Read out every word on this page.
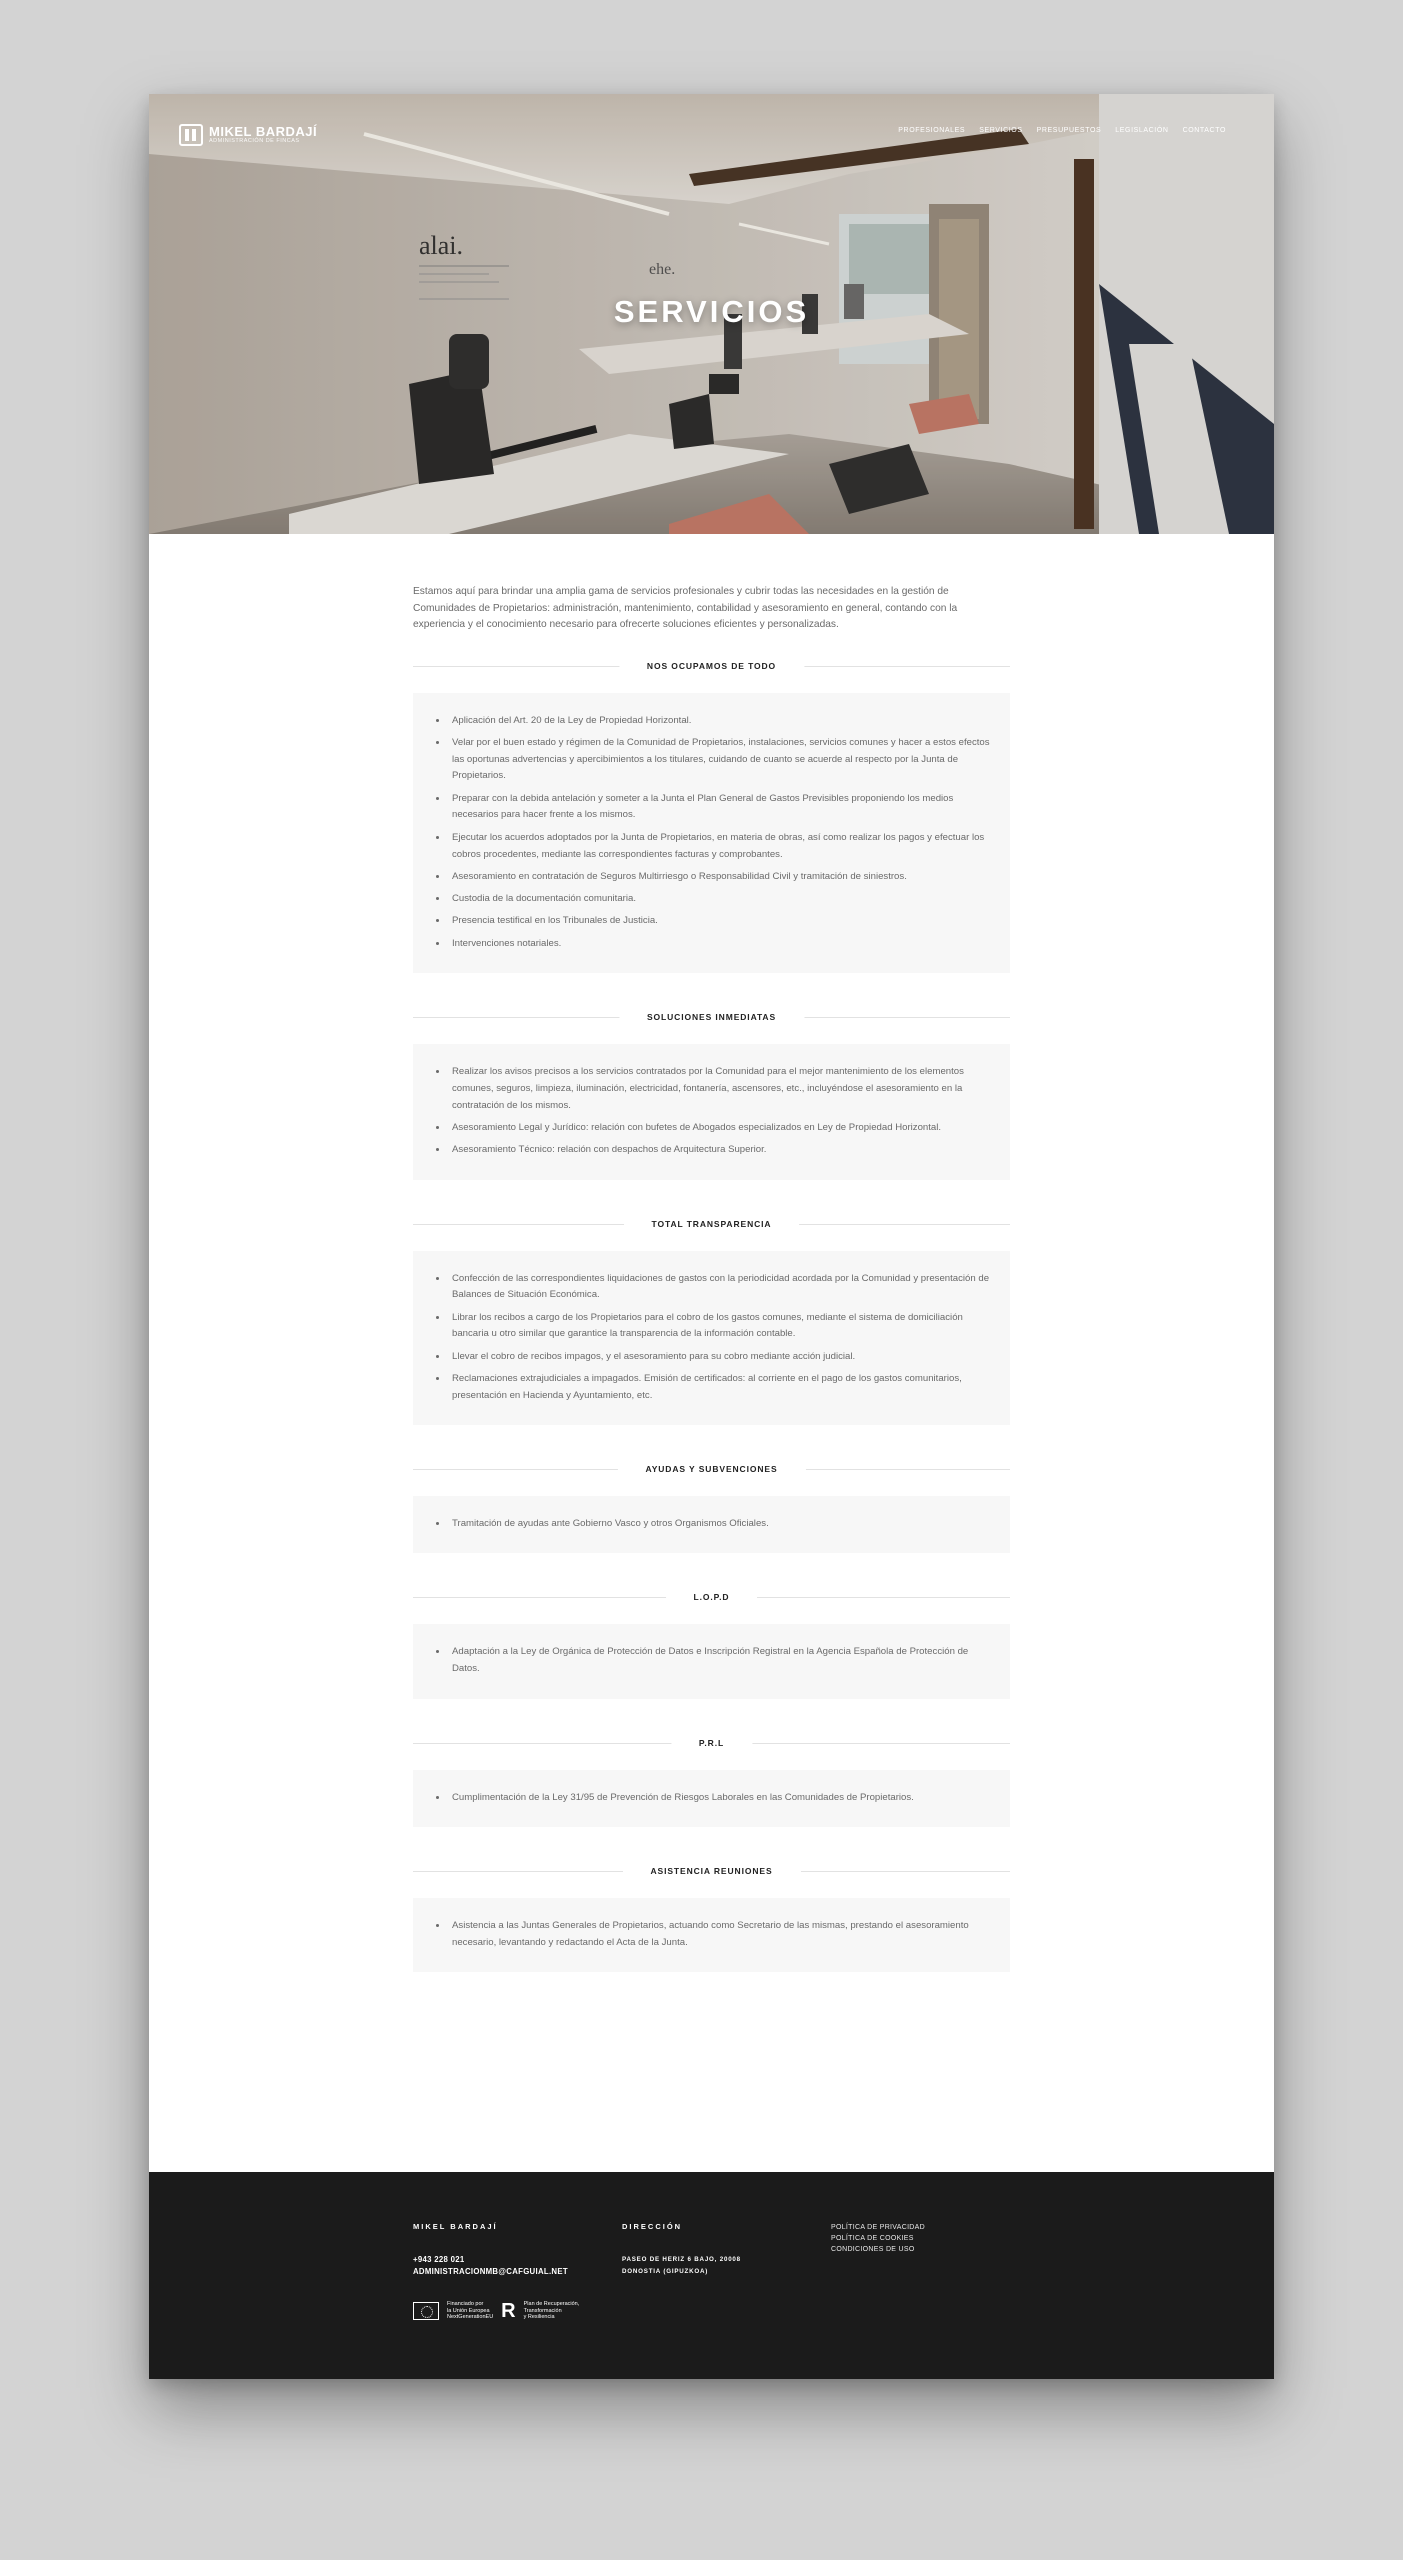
alai.
ehe.
MIKEL BARDAJÍ
ADMINISTRACIÓN DE FINCAS
PROFESIONALES SERVICIOS PRESUPUESTOS LEGISLACIÓN CONTACTO
SERVICIOS

Estamos aquí para brindar una amplia gama de servicios profesionales y cubrir todas las necesidades en la gestión de Comunidades de Propietarios: administración, mantenimiento, contabilidad y asesoramiento en general, contando con la experiencia y el conocimiento necesario para ofrecerte soluciones eficientes y personalizadas.

NOS OCUPAMOS DE TODO
• Aplicación del Art. 20 de la Ley de Propiedad Horizontal.
• Velar por el buen estado y régimen de la Comunidad de Propietarios, instalaciones, servicios comunes y hacer a estos efectos las oportunas advertencias y apercibimientos a los titulares, cuidando de cuanto se acuerde al respecto por la Junta de Propietarios.
• Preparar con la debida antelación y someter a la Junta el Plan General de Gastos Previsibles proponiendo los medios necesarios para hacer frente a los mismos.
• Ejecutar los acuerdos adoptados por la Junta de Propietarios, en materia de obras, así como realizar los pagos y efectuar los cobros procedentes, mediante las correspondientes facturas y comprobantes.
• Asesoramiento en contratación de Seguros Multirriesgo o Responsabilidad Civil y tramitación de siniestros.
• Custodia de la documentación comunitaria.
• Presencia testifical en los Tribunales de Justicia.
• Intervenciones notariales.
SOLUCIONES INMEDIATAS
• Realizar los avisos precisos a los servicios contratados por la Comunidad para el mejor mantenimiento de los elementos comunes, seguros, limpieza, iluminación, electricidad, fontanería, ascensores, etc., incluyéndose el asesoramiento en la contratación de los mismos.
• Asesoramiento Legal y Jurídico: relación con bufetes de Abogados especializados en Ley de Propiedad Horizontal.
• Asesoramiento Técnico: relación con despachos de Arquitectura Superior.
TOTAL TRANSPARENCIA
• Confección de las correspondientes liquidaciones de gastos con la periodicidad acordada por la Comunidad y presentación de Balances de Situación Económica.
• Librar los recibos a cargo de los Propietarios para el cobro de los gastos comunes, mediante el sistema de domiciliación bancaria u otro similar que garantice la transparencia de la información contable.
• Llevar el cobro de recibos impagos, y el asesoramiento para su cobro mediante acción judicial.
• Reclamaciones extrajudiciales a impagados. Emisión de certificados: al corriente en el pago de los gastos comunitarios, presentación en Hacienda y Ayuntamiento, etc.
AYUDAS Y SUBVENCIONES
• Tramitación de ayudas ante Gobierno Vasco y otros Organismos Oficiales.
L.O.P.D
• Adaptación a la Ley de Orgánica de Protección de Datos e Inscripción Registral en la Agencia Española de Protección de Datos.
P.R.L
• Cumplimentación de la Ley 31/95 de Prevención de Riesgos Laborales en las Comunidades de Propietarios.
ASISTENCIA REUNIONES
• Asistencia a las Juntas Generales de Propietarios, actuando como Secretario de las mismas, prestando el asesoramiento necesario, levantando y redactando el Acta de la Junta.
MIKEL BARDAJÍ
+943 228 021
ADMINISTRACIONMB@CAFGUIAL.NET
DIRECCIÓN
PASEO DE HERIZ 6 BAJO, 20008
DONOSTIA (GIPUZKOA)
POLÍTICA DE PRIVACIDAD
POLÍTICA DE COOKIES
CONDICIONES DE USO
Financiado por
la Unión Europea
NextGenerationEU R Plan de Recuperación,
Transformación
y Resiliencia
